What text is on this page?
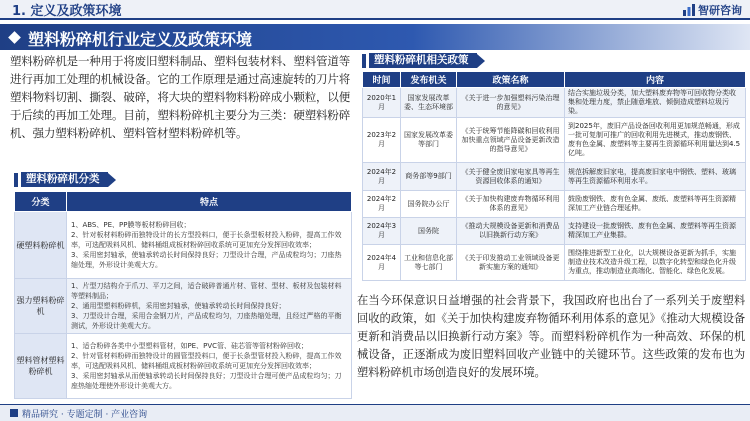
1. 定义及政策环境	智研咨询
塑料粉碎机行业定义及政策环境

塑料粉碎机是一种用于将废旧塑料制品、塑料包装材料、塑料管道等进行再加工处理的机械设备。它的工作原理是通过高速旋转的刀片将塑料物料切割、撕裂、破碎，将大块的塑料物料粉碎成小颗粒，以便于后续的再加工处理。目前，塑料粉碎机主要分为三类：硬塑料粉碎机、强力塑料粉碎机、塑料管材塑料粉碎机等。

塑料粉碎机分类
分类	特点
硬塑料粉碎机	1、ABS、PE、PP膜等板材粉碎回收；
2、针对板材料粉碎而独特设计的长方型投料口，便于长条型板材投入粉碎，提高工作效率，可选配吸料风机、储料桶组成板材粉碎回收系统可更加充分发挥回收效率；
3、采用密封轴承，使轴承转动长时间保持良好；刀型设计合理，产品成粒均匀；刀座热缩处理，外形设计美观大方。
强力塑料粉碎机	1、片型刀结构介于爪刀、平刀之间，适合破碎普通片材、管材、型材、板材及包装材料等塑料制品；
2、通用型塑料粉碎机，采用密封轴承，使轴承转动长时间保持良好；
3、刀型设计合理，采用合金钢刀片，产品成粒均匀，刀座热缩处理，且经过严格的平衡测试，外形设计美观大方。
塑料管材塑料粉碎机	1、适合粉碎各类中小型塑料管材，如PE、PVC管、硅芯管等管材粉碎回收；
2、针对管材料粉碎而独特设计的圆管型投料口，便于长条型管材投入粉碎，提高工作效率，可选配吸料风机、储料桶组成板材粉碎回收系统可更加充分发挥回收效率；
3、采用密封轴承从而使轴承转动长时间保持良好；刀型设计合理可使产品成粒均匀；刀座热缩处理使外形设计美观大方。
塑料粉碎机相关政策
时间	发布机关	政策名称	内容
2020年1月	国家发展改革委、生态环境部	《关于进一步加强塑料污染治理的意见》	结合实施垃圾分类，加大塑料废弃物等可回收物分类收集和处理力度，禁止随意堆放、倾倒造成塑料垃圾污染。
2023年2月	国家发展改革委等部门	《关于统筹节能降碳和回收利用 加快重点领域产品设备更新改造的指导意见》	到2025年，废旧产品设备回收利用更加规范畅通，形成一批可复制可推广的回收利用先进模式，推动废钢铁、废有色金属、废塑料等主要再生资源循环利用量达到4.5亿吨。
2024年2月	商务部等9部门	《关于健全废旧家电家具等再生资源回收体系的通知》	规范拆解废旧家电，提高废旧家电中钢铁、塑料、玻璃等再生资源循环利用水平。
2024年2月	国务院办公厅	《关于加快构建废弃物循环利用体系的意见》	鼓励废钢铁、废有色金属、废纸、废塑料等再生资源精深加工产业链合理延伸。
2024年3月	国务院	《推动大规模设备更新和消费品以旧换新行动方案》	支持建设一批废钢铁、废有色金属、废塑料等再生资源精深加工产业集群。
2024年4月	工业和信息化部等七部门	《关于印发推动工业领域设备更新实施方案的通知》	围绕推进新型工业化，以大规模设备更新为抓手，实施制造业技术改造升级工程，以数字化转型和绿色化升级为重点，推动制造业高端化、智能化、绿色化发展。

在当今环保意识日益增强的社会背景下，我国政府也出台了一系列关于废塑料回收的政策，如《关于加快构建废弃物循环利用体系的意见》《推动大规模设备更新和消费品以旧换新行动方案》等。而塑料粉碎机作为一种高效、环保的机械设备，正逐渐成为废旧塑料回收产业链中的关键环节。这些政策的发布也为塑料粉碎机市场创造良好的发展环境。

精品研究 · 专题定制 · 产业咨询
